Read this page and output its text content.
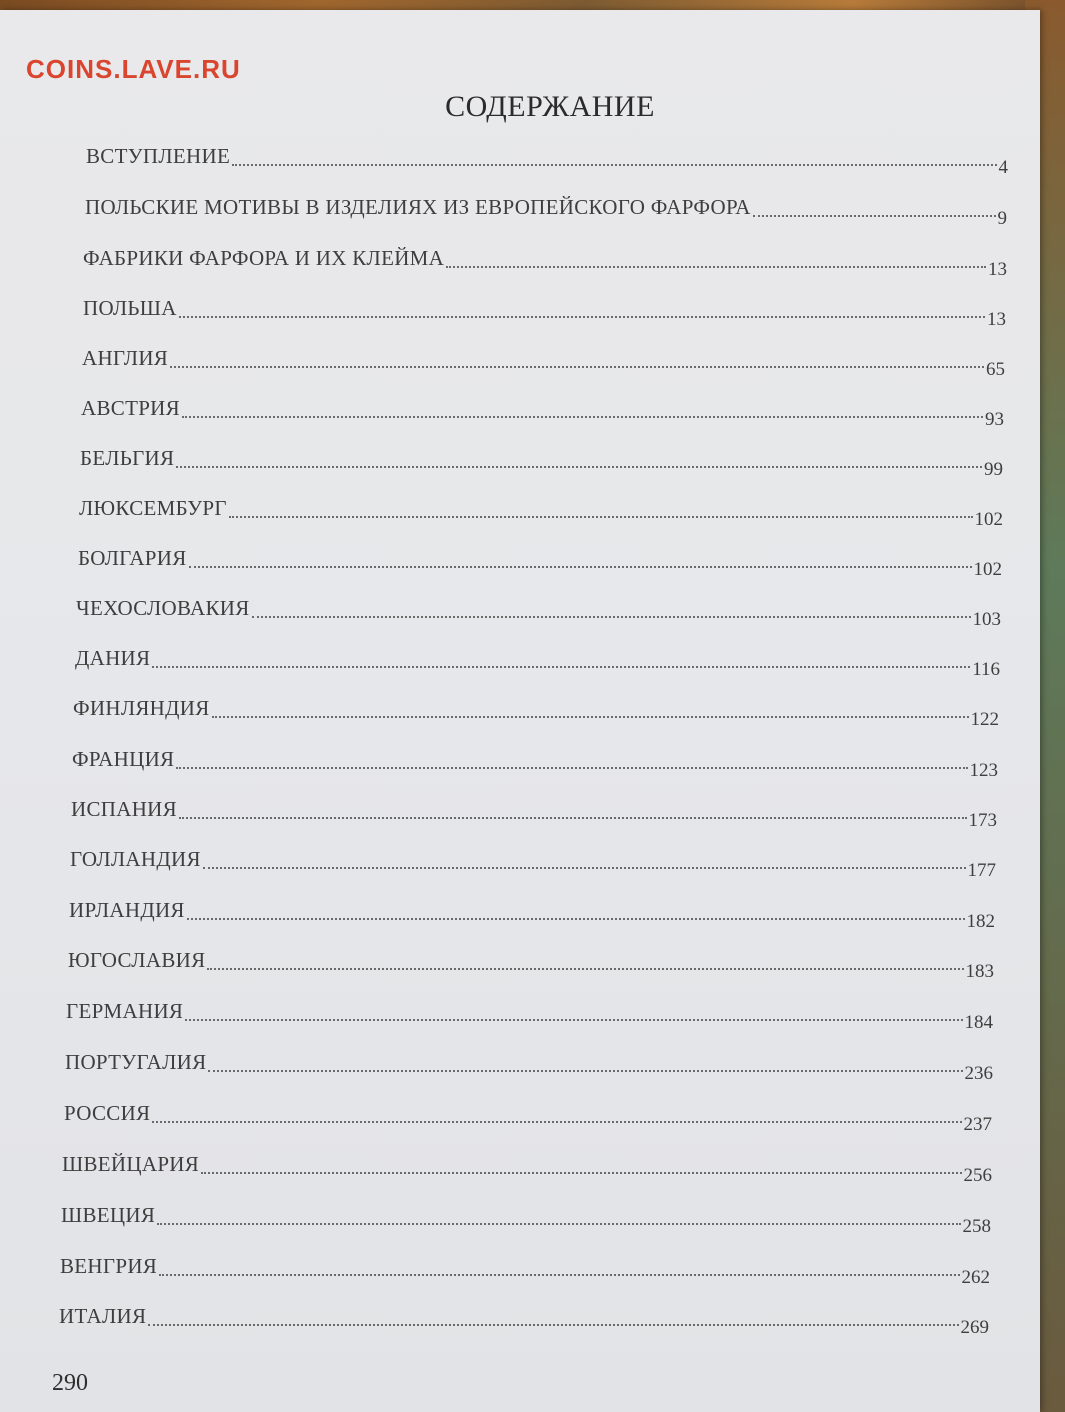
COINS.LAVE.RU
СОДЕРЖАНИЕ
ВСТУПЛЕНИЕ	4
ПОЛЬСКИЕ МОТИВЫ В ИЗДЕЛИЯХ ИЗ ЕВРОПЕЙСКОГО ФАРФОРА	9
ФАБРИКИ ФАРФОРА И ИХ КЛЕЙМА	13
ПОЛЬША	13
АНГЛИЯ	65
АВСТРИЯ	93
БЕЛЬГИЯ	99
ЛЮКСЕМБУРГ	102
БОЛГАРИЯ	102
ЧЕХОСЛОВАКИЯ	103
ДАНИЯ	116
ФИНЛЯНДИЯ	122
ФРАНЦИЯ	123
ИСПАНИЯ	173
ГОЛЛАНДИЯ	177
ИРЛАНДИЯ	182
ЮГОСЛАВИЯ	183
ГЕРМАНИЯ	184
ПОРТУГАЛИЯ	236
РОССИЯ	237
ШВЕЙЦАРИЯ	256
ШВЕЦИЯ	258
ВЕНГРИЯ	262
ИТАЛИЯ	269
290
